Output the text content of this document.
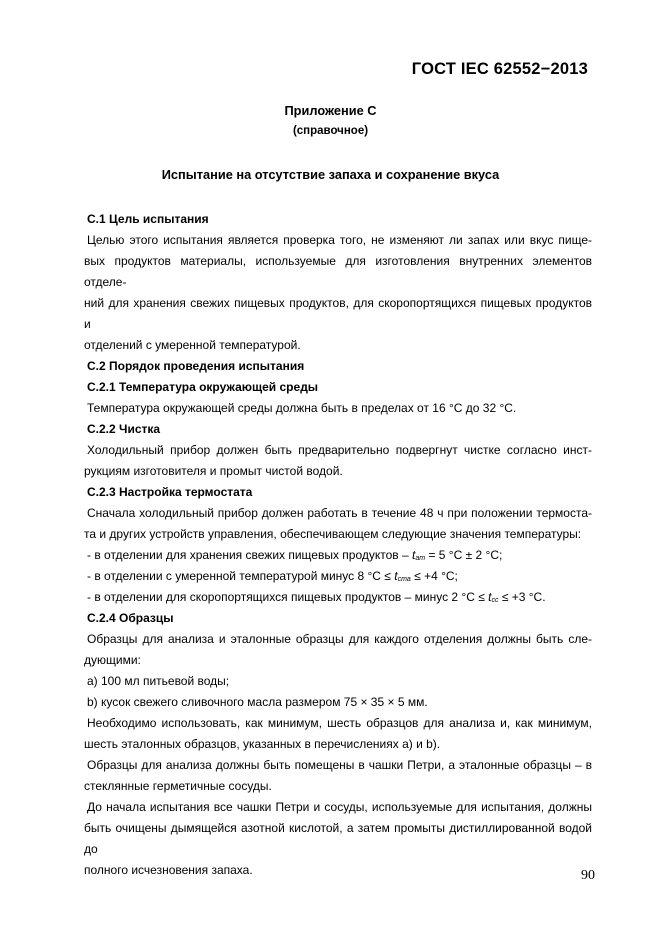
ГОСТ IEC 62552−2013
Приложение С
(справочное)
Испытание на отсутствие запаха и сохранение вкуса

С.1 Цель испытания

Целью этого испытания является проверка того, не изменяют ли запах или вкус пище-

вых продуктов материалы, используемые для изготовления внутренних элементов отделе-

ний для хранения свежих пищевых продуктов, для скоропортящихся пищевых продуктов и

отделений с умеренной температурой.

С.2 Порядок проведения испытания

С.2.1 Температура окружающей среды

Температура окружающей среды должна быть в пределах от 16 °С до 32 °С.

С.2.2 Чистка

Холодильный прибор должен быть предварительно подвергнут чистке согласно инст-

рукциям изготовителя и промыт чистой водой.

С.2.3 Настройка термостата

Сначала холодильный прибор должен работать в течение 48 ч при положении термоста-

та и других устройств управления, обеспечивающем следующие значения температуры:

- в отделении для хранения свежих пищевых продуктов – $t_{am} = 5$ °С ± 2 °С;

- в отделении с умеренной температурой минус 8 $^\circ С \le t_{cma} \le +4$ °С;

- в отделении для скоропортящихся пищевых продуктов – минус 2 $^\circ С \le t_{cc} \le +3$ °С.

С.2.4 Образцы

Образцы для анализа и эталонные образцы для каждого отделения должны быть сле-

дующими:

a) 100 мл питьевой воды;

b) кусок свежего сливочного масла размером 75 × 35 × 5 мм.

Необходимо использовать, как минимум, шесть образцов для анализа и, как минимум,

шесть эталонных образцов, указанных в перечислениях а) и b).

Образцы для анализа должны быть помещены в чашки Петри, а эталонные образцы – в

стеклянные герметичные сосуды.

До начала испытания все чашки Петри и сосуды, используемые для испытания, должны

быть очищены дымящейся азотной кислотой, а затем промыты дистиллированной водой до

полного исчезновения запаха.	90
